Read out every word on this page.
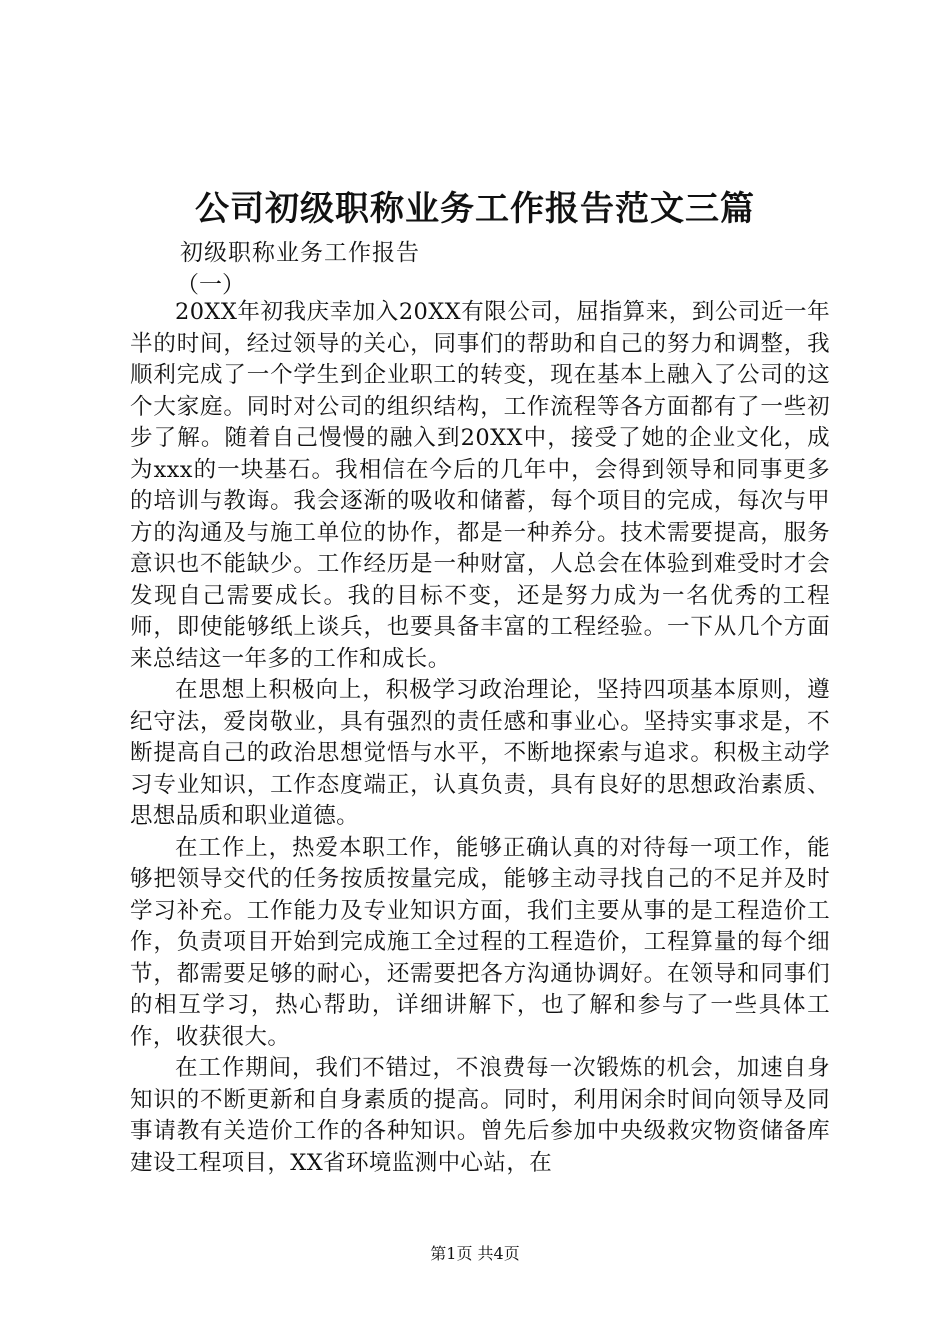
公司初级职称业务工作报告范文三篇
初级职称业务工作报告
（一）

20XX年初我庆幸加入20XX有限公司，屈指算来，到公司近一年半的时间，经过领导的关心，同事们的帮助和自己的努力和调整，我顺利完成了一个学生到企业职工的转变，现在基本上融入了公司的这个大家庭。同时对公司的组织结构，工作流程等各方面都有了一些初步了解。随着自己慢慢的融入到20XX中，接受了她的企业文化，成为xxx的一块基石。我相信在今后的几年中，会得到领导和同事更多的培训与教诲。我会逐渐的吸收和储蓄，每个项目的完成，每次与甲方的沟通及与施工单位的协作，都是一种养分。技术需要提高，服务意识也不能缺少。工作经历是一种财富，人总会在体验到难受时才会发现自己需要成长。我的目标不变，还是努力成为一名优秀的工程师，即使能够纸上谈兵，也要具备丰富的工程经验。一下从几个方面来总结这一年多的工作和成长。

在思想上积极向上，积极学习政治理论，坚持四项基本原则，遵纪守法，爱岗敬业，具有强烈的责任感和事业心。坚持实事求是，不断提高自己的政治思想觉悟与水平，不断地探索与追求。积极主动学习专业知识，工作态度端正，认真负责，具有良好的思想政治素质、思想品质和职业道德。

在工作上，热爱本职工作，能够正确认真的对待每一项工作，能够把领导交代的任务按质按量完成，能够主动寻找自己的不足并及时学习补充。工作能力及专业知识方面，我们主要从事的是工程造价工作，负责项目开始到完成施工全过程的工程造价，工程算量的每个细节，都需要足够的耐心，还需要把各方沟通协调好。在领导和同事们的相互学习，热心帮助，详细讲解下，也了解和参与了一些具体工作，收获很大。

在工作期间，我们不错过，不浪费每一次锻炼的机会，加速自身知识的不断更新和自身素质的提高。同时，利用闲余时间向领导及同事请教有关造价工作的各种知识。曾先后参加中央级救灾物资储备库建设工程项目，XX省环境监测中心站，在

第1页 共4页
